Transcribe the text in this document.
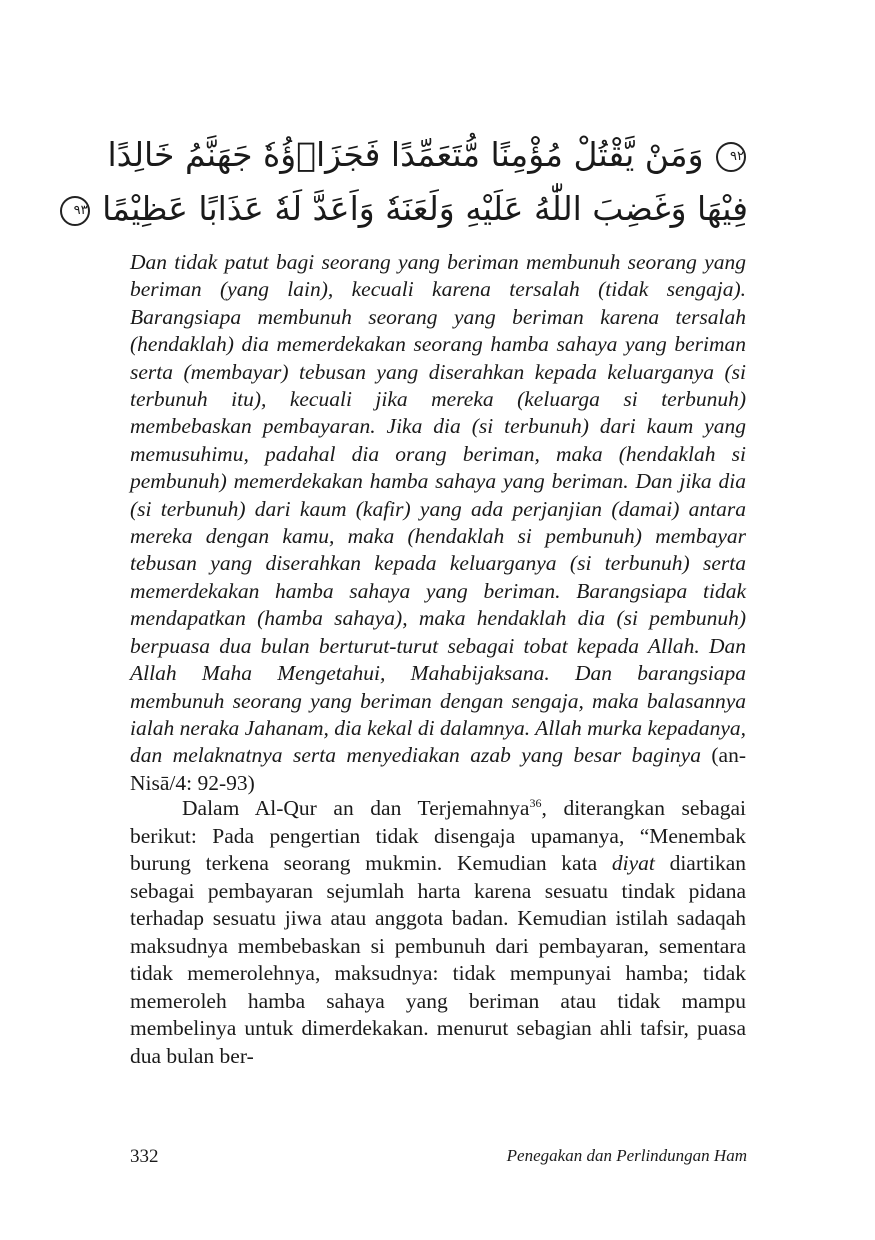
٩٢ وَمَنْ يَّقْتُلْ مُؤْمِنًا مُّتَعَمِّدًا فَجَزَاۤؤُهٗ جَهَنَّمُ خَالِدًا
فِيْهَا وَغَضِبَ اللّٰهُ عَلَيْهِ وَلَعَنَهٗ وَاَعَدَّ لَهٗ عَذَابًا عَظِيْمًا ٩٣

Dan tidak patut bagi seorang yang beriman membunuh seorang yang beriman (yang lain), kecuali karena tersalah (tidak sengaja). Barangsiapa membunuh seorang yang beriman karena tersalah (hendaklah) dia memerdekakan seorang hamba sahaya yang beriman serta (membayar) tebusan yang diserahkan kepada keluarganya (si terbunuh itu), kecuali jika mereka (keluarga si terbunuh) membebaskan pembayaran. Jika dia (si terbunuh) dari kaum yang memusuhimu, padahal dia orang beriman, maka (hendaklah si pembunuh) memerdekakan hamba sahaya yang beriman. Dan jika dia (si terbunuh) dari kaum (kafir) yang ada perjanjian (damai) antara mereka dengan kamu, maka (hendaklah si pembunuh) membayar tebusan yang diserahkan kepada keluarganya (si terbunuh) serta memerdekakan hamba sahaya yang beriman. Barangsiapa tidak mendapatkan (hamba sahaya), maka hendaklah dia (si pembunuh) berpuasa dua bulan berturut-turut sebagai tobat kepada Allah. Dan Allah Maha Mengetahui, Mahabijaksana. Dan barangsiapa membunuh seorang yang beriman dengan sengaja, maka balasannya ialah neraka Jahanam, dia kekal di dalamnya. Allah murka kepadanya, dan melaknatnya serta menyediakan azab yang besar baginya (an-Nisā/4: 92-93)

Dalam Al-Qur an dan Terjemahnya$^{36}$, diterangkan sebagai berikut: Pada pengertian tidak disengaja upamanya, “Menembak burung terkena seorang mukmin. Kemudian kata diyat diartikan sebagai pembayaran sejumlah harta karena sesuatu tindak pidana terhadap sesuatu jiwa atau anggota badan. Kemudian istilah sadaqah maksudnya membebaskan si pembunuh dari pembayaran, sementara tidak memerolehnya, maksudnya: tidak mempunyai hamba; tidak memeroleh hamba sahaya yang beriman atau tidak mampu membelinya untuk dimerdekakan. menurut sebagian ahli tafsir, puasa dua bulan ber-

332	Penegakan dan Perlindungan Ham
